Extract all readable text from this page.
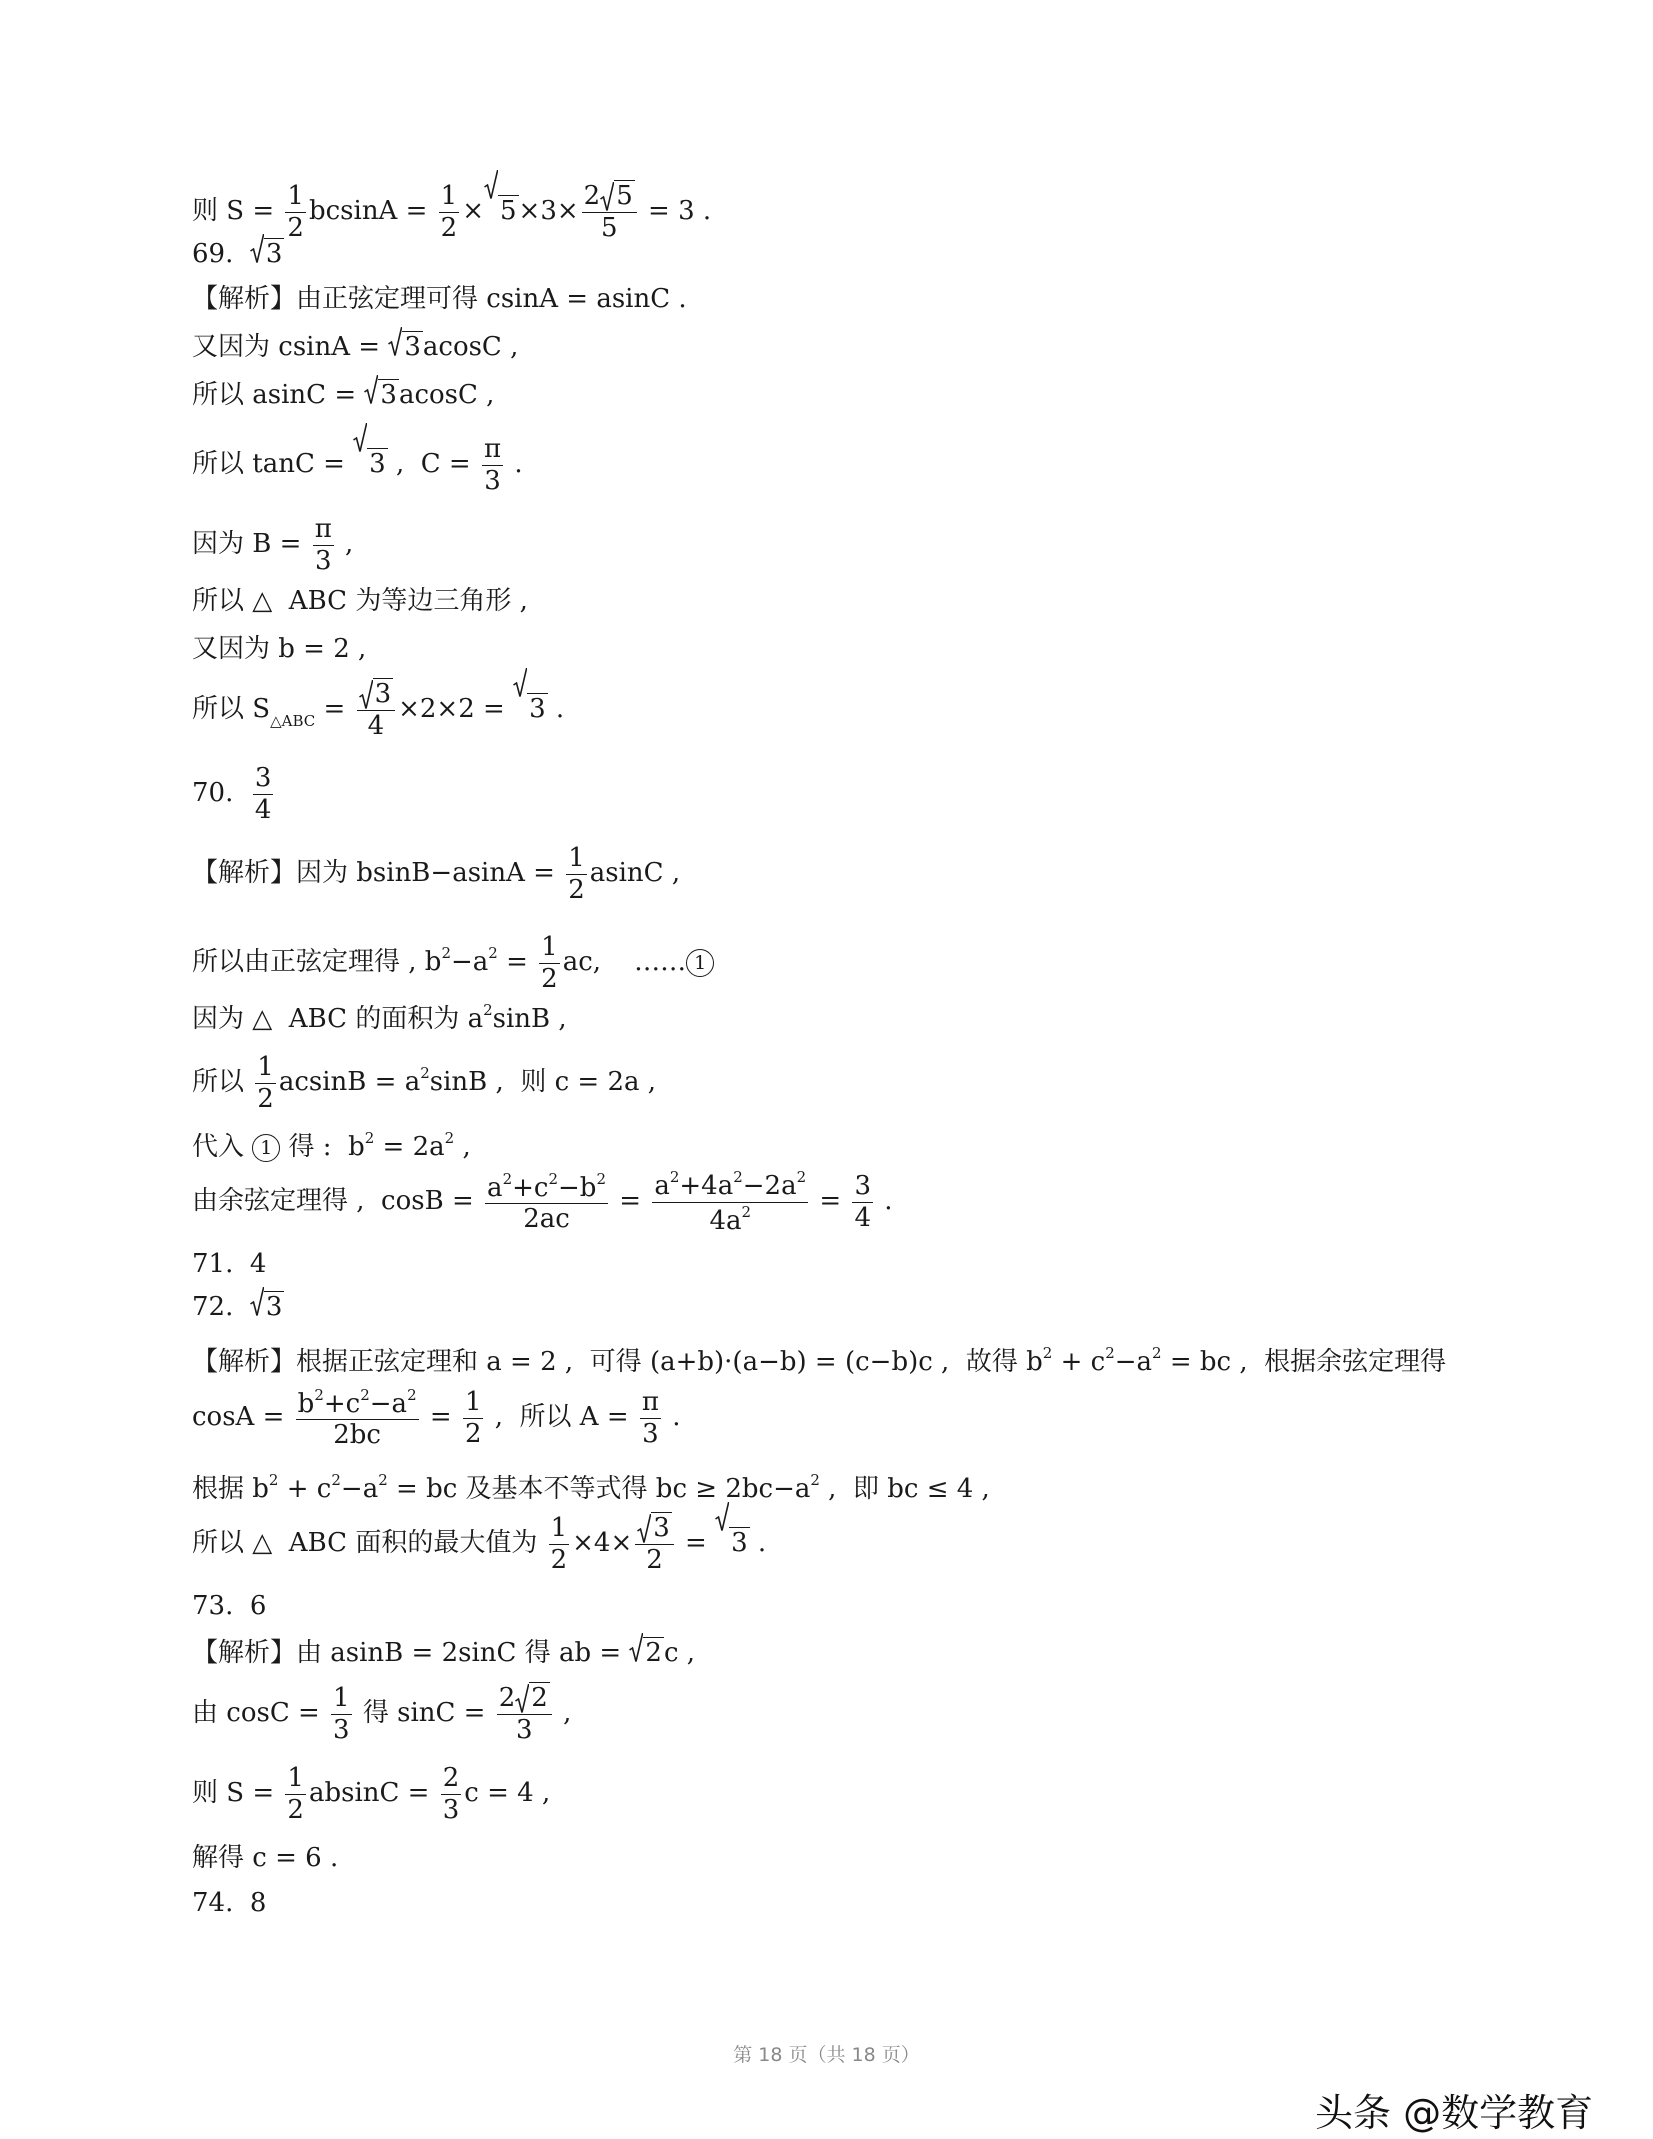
则 $S = \frac{1}{2}$ $bcsinA = \frac{1}{2} \times 5\times 3\times \frac{2 5}{5} = 3$ .
69.
3
【解析】由正弦定理可得 csinA = asinC .
又因为 csinA =
3acosC ,
所以 asinC =
3acosC ,
所以 tanC =
3 ,  $C = \frac{\pi}{3}$ .
因为 $B = \frac{\pi}{3}$ ,
所以 △  ABC 为等边三角形 ,
又因为 b = 2 ,
所以 $S_{\triangle ABC} = \frac{3}{4} \times 2\times 2$ =
3 .
70. $\frac{3}{4}$
【解析】因为 $bsinB-asinA = \frac{1}{2}$ asinC ,
所以由正弦定理得 , $b^2-a^2 = \frac{1}{2}$ ac,    …… 1
因为 △  ABC 的面积为 $a^2\sin B$ ,
所以 $\frac{1}{2}$ $acsinB = a^2\sin B$ ,  则 c = 2a ,
代入 1 得 :  $b^2 = 2a^2$ ,
由余弦定理得 ,  $\cos B = \frac{a^2+c^2-b^2}{2ac} = \frac{a^2+4a^2-2a^2}{4a^2} = \frac{3}{4}$ .
71.  4
72.
3
【解析】根据正弦定理和 a = 2 ,  可得 (a+b)·(a−b) = (c−b)c ,  故得 $b^2 + c^2-a^2$ = bc ,  根据余弦定理得
$\cos A = \frac{b^2+c^2-a^2}{2bc} = \frac{1}{2}$ ,  所以 $A = \frac{\pi}{3}$ .
根据 $b^2 + c^2-a^2$ = bc 及基本不等式得 bc ≥ $2bc-a^2$ ,  即 bc ≤ 4 ,
所以 △  ABC 面积的最大值为 $\frac{1}{2} \times 4\times \frac{3}{2}$ =
3 .
73.  6
【解析】由 asinB = 2sinC 得 ab =
2c ,
由 $\cos C = \frac{1}{3}$ 得 $\sin C = \frac{2 2}{3}$ ,
则 $S = \frac{1}{2}$ $absinC = \frac{2}{3}$ c = 4 ,
解得 c = 6 .
74.  8
第 18 页（共 18 页）
头条 @数学教育
